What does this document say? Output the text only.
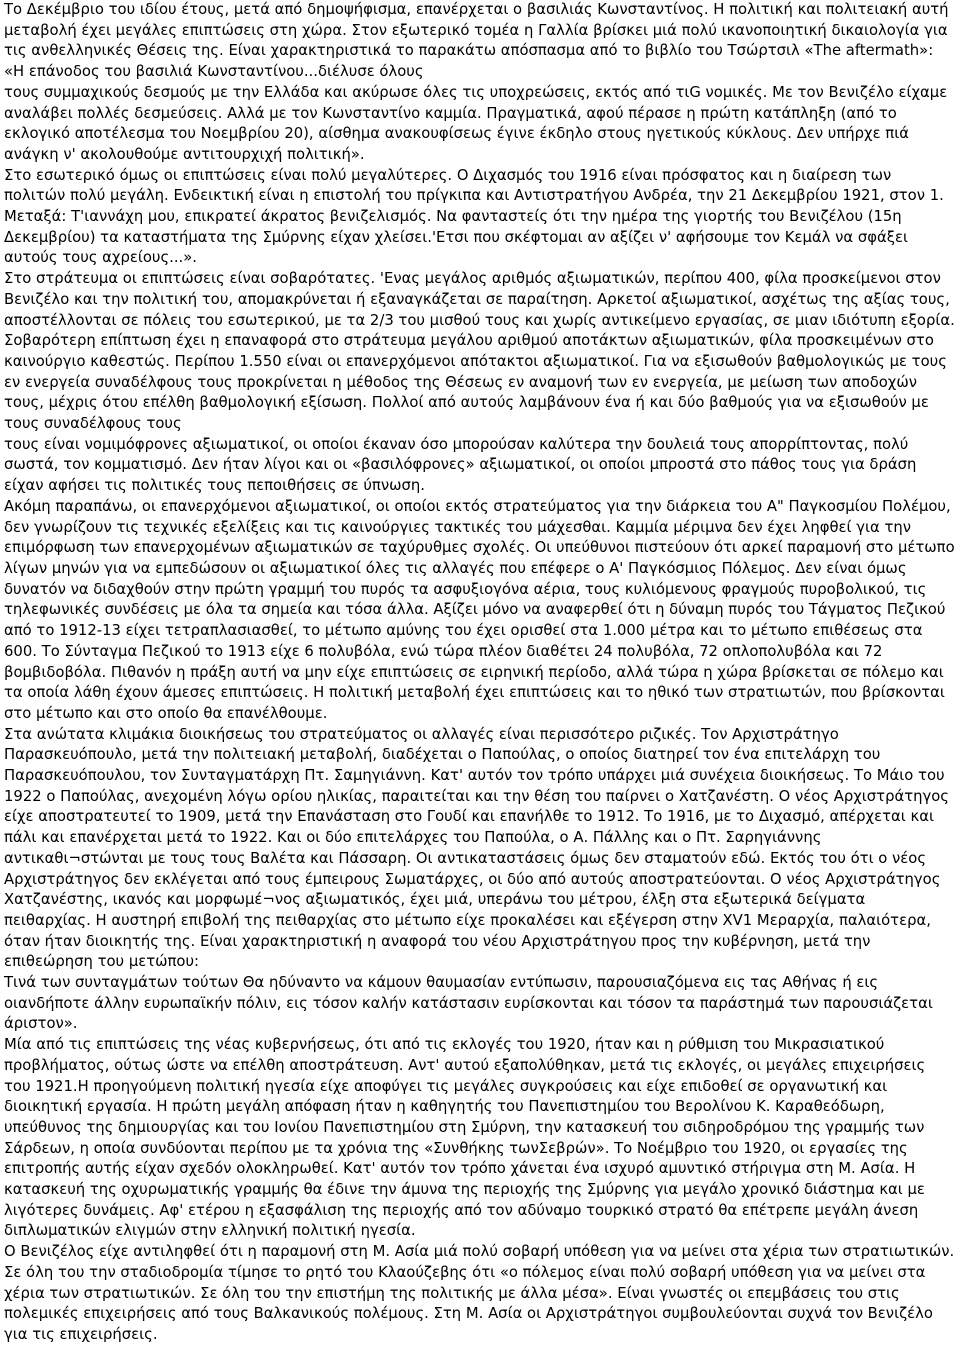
Το Δεκέμβριο του ιδίου έτους, μετά από δημοψήφισμα, επανέρχεται ο βασιλιάς Κωνσταντίνος. Η πολιτική και πολιτειακή αυτή μεταβολή έχει μεγάλες επιπτώσεις στη χώρα. Στον εξωτερικό τομέα η Γαλλία βρίσκει μιά πολύ ικανοποιητική δικαιολογία για τις ανθελληνικές Θέσεις της. Είναι χαρακτηριστικά το παρακάτω απόσπασμα από το βιβλίο του Τσώρτσιλ «The aftermath»:

«Η επάνοδος του βασιλιά Κωνσταντίνου...διέλυσε όλους

τους συμμαχικούς δεσμούς με την Ελλάδα και ακύρωσε όλες τις υποχρεώσεις, εκτός από τιG νομικές. Με τον Βενιζέλο είχαμε αναλάβει πολλές δεσμεύσεις. Αλλά με τον Κωνσταντίνο καμμία. Πραγματικά, αφού πέρασε η πρώτη κατάπληξη (από το εκλογικό αποτέλεσμα του Νοεμβρίου 20), αίσθημα ανακουφίσεως έγινε έκδηλο στους ηγετικούς κύκλους. Δεν υπήρχε πιά ανάγκη ν' ακολουθούμε αντιτουρχιχή πολιτική».

Στο εσωτερικό όμως οι επιπτώσεις είναι πολύ μεγαλύτερες. Ο Διχασμός του 1916 είναι πρόσφατος και η διαίρεση των πολιτών πολύ μεγάλη. Ενδεικτική είναι η επιστολή του πρίγκιπα και Αντιστρατήγου Ανδρέα, την 21 Δεκεμβρίου 1921, στον 1. Μεταξά: Τ'ιαννάχη μου, επικρατεί άκρατος βενιζελισμός. Να φανταστείς ότι την ημέρα της γιορτής του Βενιζέλου (15η Δεκεμβρίου) τα καταστήματα της Σμύρνης είχαν χλείσει.'Ετσι που σκέφτομαι αν αξίζει ν' αφήσουμε τον Κεμάλ να σφάξει αυτούς τους αχρείους...».

Στο στράτευμα οι επιπτώσεις είναι σοβαρότατες. 'Ενας μεγάλος αριθμός αξιωματικών, περίπου 400, φίλα προσκείμενοι στον Βενιζέλο και την πολιτική του, απομακρύνεται ή εξαναγκάζεται σε παραίτηση. Αρκετοί αξιωματικοί, ασχέτως της αξίας τους, αποστέλλονται σε πόλεις του εσωτερικού, με τα 2/3 του μισθού τους και χωρίς αντικείμενο εργασίας, σε μιαν ιδιότυπη εξορία. Σοβαρότερη επίπτωση έχει η επαναφορά στο στράτευμα μεγάλου αριθμού αποτάκτων αξιωματικών, φίλα προσκειμένων στο καινούργιο καθεστώς. Περίπου 1.550 είναι οι επανερχόμενοι απότακτοι αξιωματικοί. Για να εξισωθούν βαθμολογικώς με τους εν ενεργεία συναδέλφους τους προκρίνεται η μέθοδος της Θέσεως εν αναμονή των εν ενεργεία, με μείωση των αποδοχών τους, μέχρις ότου επέλθη βαθμολογική εξίσωση. Πολλοί από αυτούς λαμβάνουν ένα ή και δύο βαθμούς για να εξισωθούν με τους συναδέλφους τους

τους είναι νομιμόφρονες αξιωματικοί, οι οποίοι έκαναν όσο μπορούσαν καλύτερα την δουλειά τους απορρίπτοντας, πολύ σωστά, τον κομματισμό. Δεν ήταν λίγοι και οι «βασιλόφρονες» αξιωματικοί, οι οποίοι μπροστά στο πάθος τους για δράση είχαν αφήσει τις πολιτικές τους πεποιθήσεις σε ύπνωση.

Ακόμη παραπάνω, οι επανερχόμενοι αξιωματικοί, οι οποίοι εκτός στρατεύματος για την διάρκεια του Α" Παγκοσμίου Πολέμου, δεν γνωρίζουν τις τεχνικές εξελίξεις και τις καινούργιες τακτικές του μάχεσθαι. Καμμία μέριμνα δεν έχει ληφθεί για την επιμόρφωση των επανερχομένων αξιωματικών σε ταχύρυθμες σχολές. Οι υπεύθυνοι πιστεύουν ότι αρκεί παραμονή στο μέτωπο λίγων μηνών για να εμπεδώσουν οι αξιωματικοί όλες τις αλλαγές που επέφερε ο Α' Παγκόσμιος Πόλεμος. Δεν είναι όμως δυνατόν να διδαχθούν στην πρώτη γραμμή του πυρός τα ασφυξιογόνα αέρια, τους κυλιόμενους φραγμούς πυροβολικού, τις τηλεφωνικές συνδέσεις με όλα τα σημεία και τόσα άλλα. Αξίζει μόνο να αναφερθεί ότι η δύναμη πυρός του Τάγματος Πεζικού από το 1912-13 είχει τετραπλασιασθεί, το μέτωπο αμύνης του έχει ορισθεί στα 1.000 μέτρα και το μέτωπο επιθέσεως στα 600. Το Σύνταγμα Πεζικού το 1913 είχε 6 πολυβόλα, ενώ τώρα πλέον διαθέτει 24 πολυβόλα, 72 οπλοπολυβόλα και 72 βομβιδοβόλα. Πιθανόν η πράξη αυτή να μην είχε επιπτώσεις σε ειρηνική περίοδο, αλλά τώρα η χώρα βρίσκεται σε πόλεμο και τα οποία λάθη έχουν άμεσες επιπτώσεις. Η πολιτική μεταβολή έχει επιπτώσεις και το ηθικό των στρατιωτών, που βρίσκονται στο μέτωπο και στο οποίο θα επανέλθουμε.

Στα ανώτατα κλιμάκια διοικήσεως του στρατεύματος οι αλλαγές είναι περισσότερο ριζικές. Τον Αρχιστράτηγο Παρασκευόπουλο, μετά την πολιτειακή μεταβολή, διαδέχεται ο Παπούλας, ο οποίος διατηρεί τον ένα επιτελάρχη του Παρασκευόπουλου, τον Συνταγματάρχη Πτ. Σαμηγιάννη. Κατ' αυτόν τον τρόπο υπάρχει μιά συνέχεια διοικήσεως. Το Μάιο του 1922 ο Παπούλας, ανεχομένη λόγω ορίου ηλικίας, παραιτείται και την θέση του παίρνει ο Χατζανέστη. Ο νέος Αρχιστράτηγος είχε αποστρατευτεί το 1909, μετά την Επανάσταση στο Γουδί και επανήλθε το 1912. Το 1916, με το Διχασμό, απέρχεται και πάλι και επανέρχεται μετά το 1922. Και οι δύο επιτελάρχες του Παπούλα, ο Α. Πάλλης και ο Πτ. Σαρηγιάννης αντικαθι¬στώνται με τους τους Βαλέτα και Πάσσαρη. Οι αντικαταστάσεις όμως δεν σταματούν εδώ. Εκτός του ότι ο νέος Αρχιστράτηγος δεν εκλέγεται από τους έμπειρους Σωματάρχες, οι δύο από αυτούς αποστρατεύονται. Ο νέος Αρχιστράτηγος Χατζανέστης, ικανός και μορφωμέ¬νος αξιωματικός, έχει μιά, υπεράνω του μέτρου, έλξη στα εξωτερικά δείγματα πειθαρχίας. Η αυστηρή επιβολή της πειθαρχίας στο μέτωπο είχε προκαλέσει και εξέγερση στην ΧV1 Μεραρχία, παλαιότερα, όταν ήταν διοικητής της. Είναι χαρακτηριστική η αναφορά του νέου Αρχιστράτηγου προς την κυβέρνηση, μετά την επιθεώρηση του μετώπου:

Τινά των συνταγμάτων τούτων Θα ηδύναντο να κάμουν θαυμασίαν εντύπωσιν, παρουσιαζόμενα εις τας Αθήνας ή εις οιανδήποτε άλλην ευρωπαϊκήν πόλιν, εις τόσον καλήν κατάστασιν ευρίσκονται και τόσον τα παράστημά των παρουσιάζεται άριστον».

Μία από τις επιπτώσεις της νέας κυβερνήσεως, ότι από τις εκλογές του 1920, ήταν και η ρύθμιση του Μικρασιατικού προβλήματος, ούτως ώστε να επέλθη αποστράτευση. Αντ' αυτού εξαπολύθηκαν, μετά τις εκλογές, οι μεγάλες επιχειρήσεις του 1921.Η προηγούμενη πολιτική ηγεσία είχε αποφύγει τις μεγάλες συγκρούσεις και είχε επιδοθεί σε οργανωτική και διοικητική εργασία. Η πρώτη μεγάλη απόφαση ήταν η καθηγητής του Πανεπιστημίου του Βερολίνου Κ. Καραθεόδωρη, υπεύθυνος της δημιουργίας και του Ιονίου Πανεπιστημίου στη Σμύρνη, την κατασκευή του σιδηροδρόμου της γραμμής των Σάρδεων, η οποία συνδύονται περίπου με τα χρόνια της «Συνθήκης τωνΣεβρών». Το Νοέμβριο του 1920, οι εργασίες της επιτροπής αυτής είχαν σχεδόν ολοκληρωθεί. Κατ' αυτόν τον τρόπο χάνεται ένα ισχυρό αμυντικό στήριγμα στη Μ. Ασία. Η κατασκευή της οχυρωματικής γραμμής θα έδινε την άμυνα της περιοχής της Σμύρνης για μεγάλο χρονικό διάστημα και με λιγότερες δυνάμεις. Αφ' ετέρου η εξασφάλιση της περιοχής από τον αδύναμο τουρκικό στρατό θα επέτρεπε μεγάλη άνεση διπλωματικών ελιγμών στην ελληνική πολιτική ηγεσία.

Ο Βενιζέλος είχε αντιληφθεί ότι η παραμονή στη Μ. Ασία μιά πολύ σοβαρή υπόθεση για να μείνει στα χέρια των στρατιωτικών. Σε όλη του την σταδιοδρομία τίμησε το ρητό του Κλαούζεβης ότι «ο πόλεμος είναι πολύ σοβαρή υπόθεση για να μείνει στα χέρια των στρατιωτικών. Σε όλη του την επιστήμη της πολιτικής με άλλα μέσα». Είναι γνωστές οι επεμβάσεις του στις πολεμικές επιχειρήσεις από τους Βαλκανικούς πολέμους. Στη Μ. Ασία οι Αρχιστράτηγοι συμβουλεύονται συχνά τον Βενιζέλο για τις επιχειρήσεις.
